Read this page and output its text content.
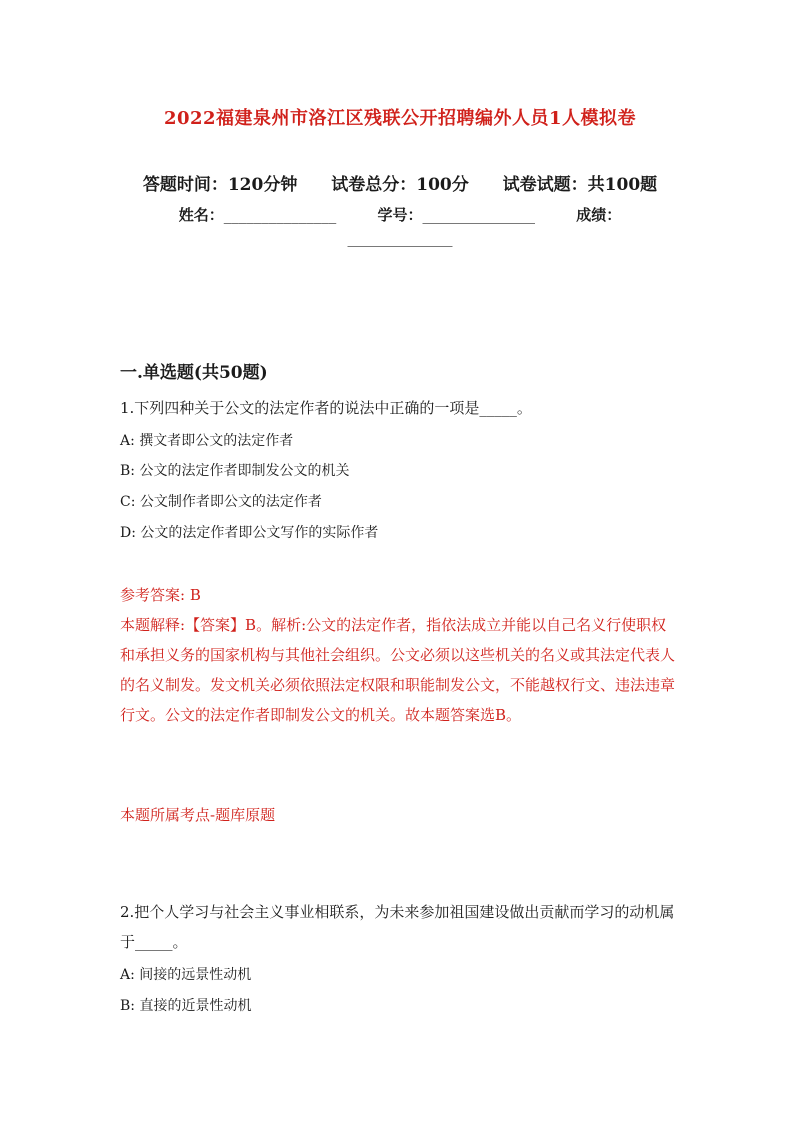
2022福建泉州市洛江区残联公开招聘编外人员1人模拟卷
答题时间：120分钟 试卷总分：100分 试卷试题：共100题
姓名：_______________	学号：_______________	成绩：
______________
一.单选题(共50题)
1.下列四种关于公文的法定作者的说法中正确的一项是_____。
A: 撰文者即公文的法定作者
B: 公文的法定作者即制发公文的机关
C: 公文制作者即公文的法定作者
D: 公文的法定作者即公文写作的实际作者
参考答案: B
本题解释:【答案】B。解析:公文的法定作者，指依法成立并能以自己名义行使职权和承担义务的国家机构与其他社会组织。公文必须以这些机关的名义或其法定代表人的名义制发。发文机关必须依照法定权限和职能制发公文，不能越权行文、违法违章行文。公文的法定作者即制发公文的机关。故本题答案选B。
本题所属考点-题库原题
2.把个人学习与社会主义事业相联系，为未来参加祖国建设做出贡献而学习的动机属于_____。
A: 间接的远景性动机
B: 直接的近景性动机
